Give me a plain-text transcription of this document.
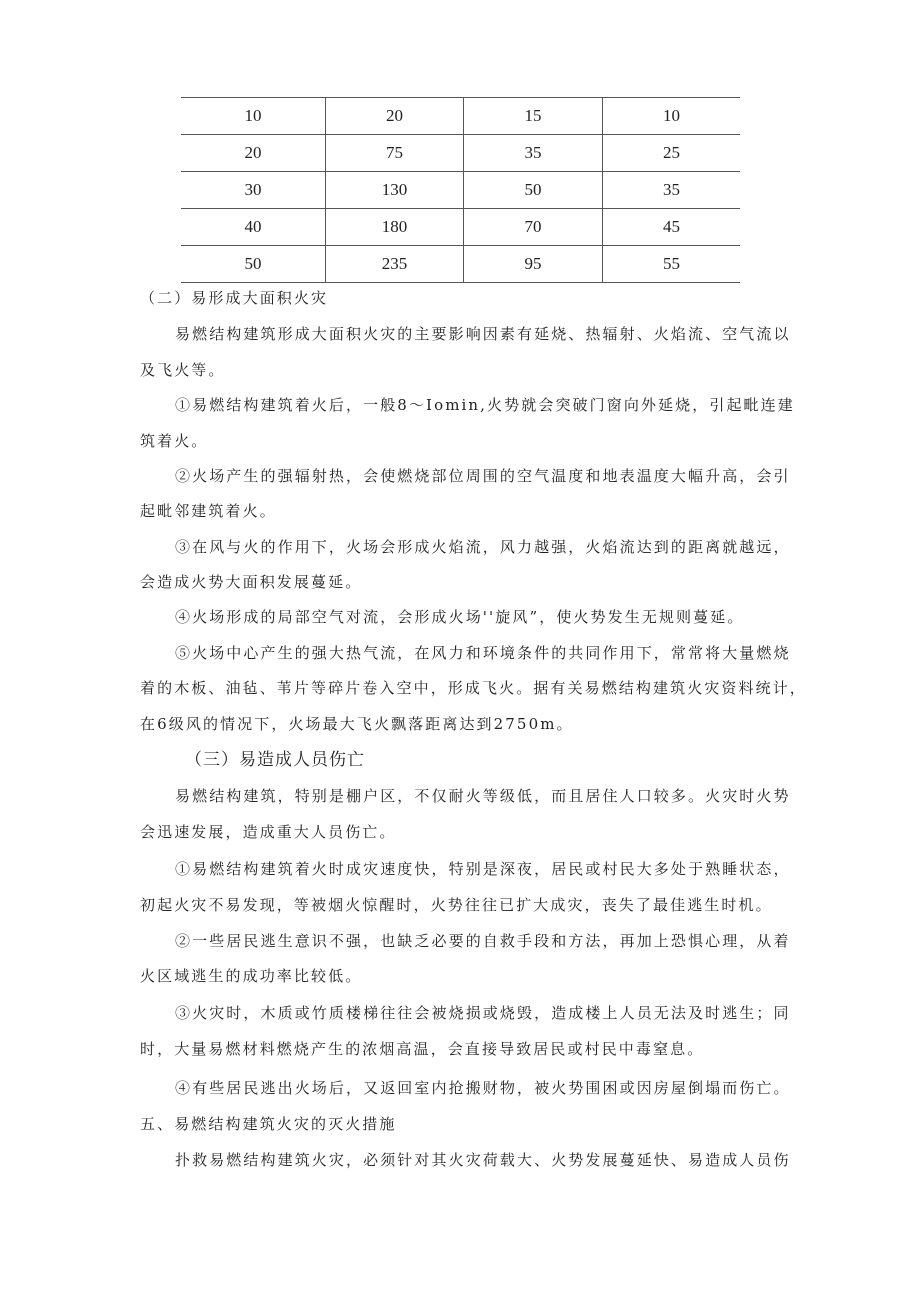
10	20	15	10
20	75	35	25
30	130	50	35
40	180	70	45
50	235	95	55
（二）易形成大面积火灾
易燃结构建筑形成大面积火灾的主要影响因素有延烧、热辐射、火焰流、空气流以
及飞火等。
①易燃结构建筑着火后，一般8～Iomin,火势就会突破门窗向外延烧，引起毗连建
筑着火。
②火场产生的强辐射热，会使燃烧部位周围的空气温度和地表温度大幅升高，会引
起毗邻建筑着火。
③在风与火的作用下，火场会形成火焰流，风力越强，火焰流达到的距离就越远，
会造成火势大面积发展蔓延。
④火场形成的局部空气对流，会形成火场''旋风”，使火势发生无规则蔓延。
⑤火场中心产生的强大热气流，在风力和环境条件的共同作用下，常常将大量燃烧
着的木板、油毡、苇片等碎片卷入空中，形成飞火。据有关易燃结构建筑火灾资料统计，
在6级风的情况下，火场最大飞火飘落距离达到2750m。
（三）易造成人员伤亡
易燃结构建筑，特别是棚户区，不仅耐火等级低，而且居住人口较多。火灾时火势
会迅速发展，造成重大人员伤亡。
①易燃结构建筑着火时成灾速度快，特别是深夜，居民或村民大多处于熟睡状态，
初起火灾不易发现，等被烟火惊醒时，火势往往已扩大成灾，丧失了最佳逃生时机。
②一些居民逃生意识不强，也缺乏必要的自救手段和方法，再加上恐惧心理，从着
火区域逃生的成功率比较低。
③火灾时，木质或竹质楼梯往往会被烧损或烧毁，造成楼上人员无法及时逃生；同
时，大量易燃材料燃烧产生的浓烟高温，会直接导致居民或村民中毒窒息。
④有些居民逃出火场后，又返回室内抢搬财物，被火势围困或因房屋倒塌而伤亡。
五、易燃结构建筑火灾的灭火措施
扑救易燃结构建筑火灾，必须针对其火灾荷载大、火势发展蔓延快、易造成人员伤
